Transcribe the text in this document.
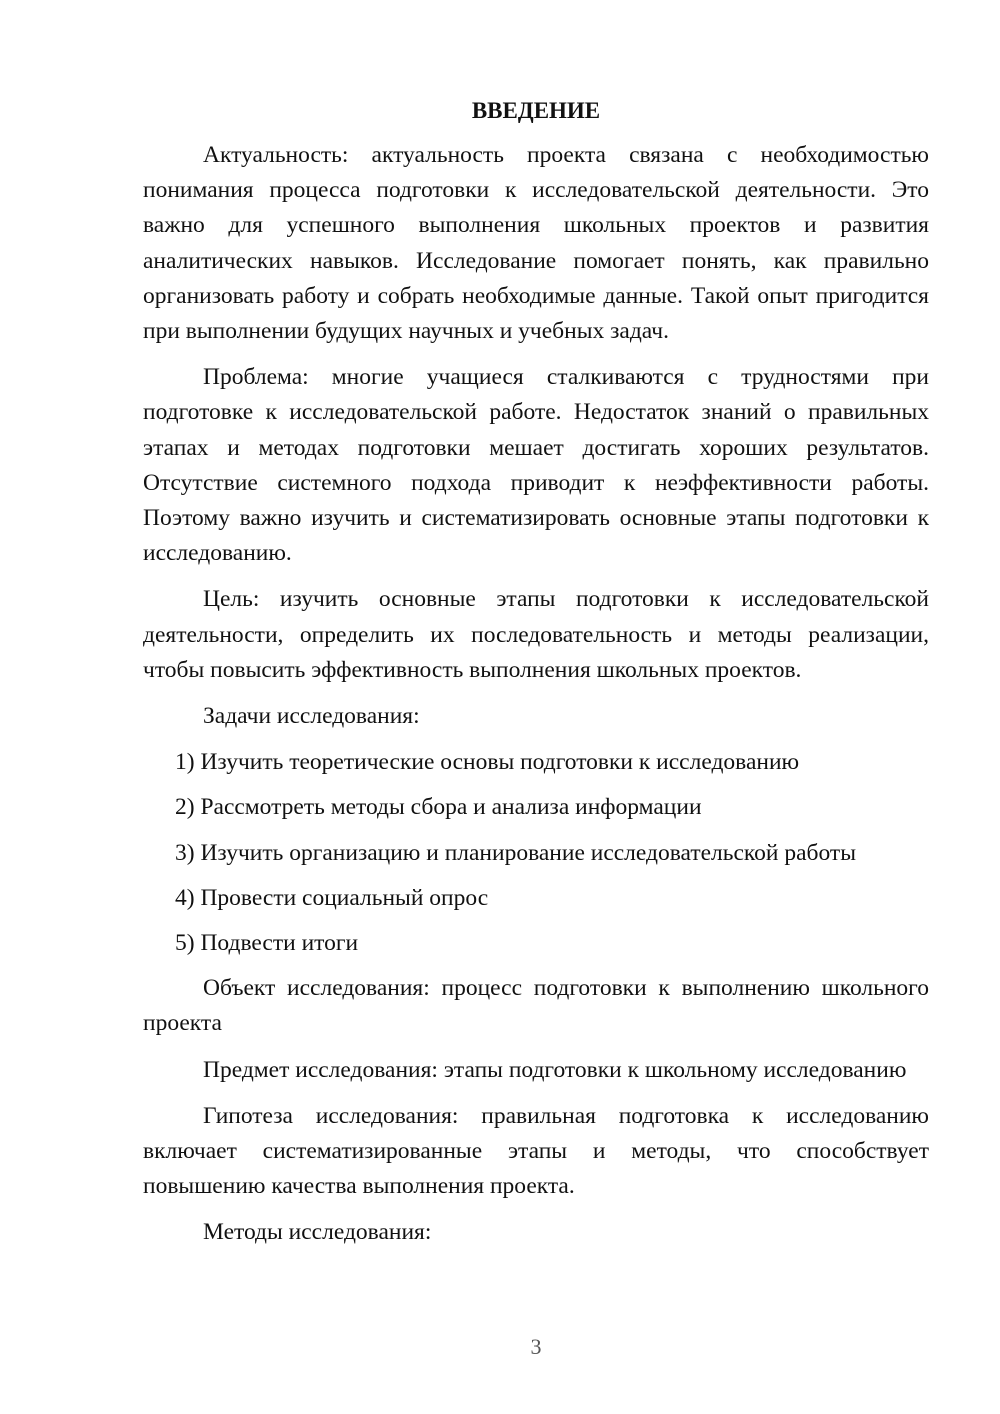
ВВЕДЕНИЕ

Актуальность: актуальность проекта связана с необходимостью понимания процесса подготовки к исследовательской деятельности. Это важно для успешного выполнения школьных проектов и развития аналитических навыков. Исследование помогает понять, как правильно организовать работу и собрать необходимые данные. Такой опыт пригодится при выполнении будущих научных и учебных задач.

Проблема: многие учащиеся сталкиваются с трудностями при подготовке к исследовательской работе. Недостаток знаний о правильных этапах и методах подготовки мешает достигать хороших результатов. Отсутствие системного подхода приводит к неэффективности работы. Поэтому важно изучить и систематизировать основные этапы подготовки к исследованию.

Цель: изучить основные этапы подготовки к исследовательской деятельности, определить их последовательность и методы реализации, чтобы повысить эффективность выполнения школьных проектов.

Задачи исследования:

1) Изучить теоретические основы подготовки к исследованию
2) Рассмотреть методы сбора и анализа информации
3) Изучить организацию и планирование исследовательской работы
4) Провести социальный опрос
5) Подвести итоги

Объект исследования: процесс подготовки к выполнению школьного проекта

Предмет исследования: этапы подготовки к школьному исследованию

Гипотеза исследования: правильная подготовка к исследованию включает систематизированные этапы и методы, что способствует повышению качества выполнения проекта.

Методы исследования:

3
